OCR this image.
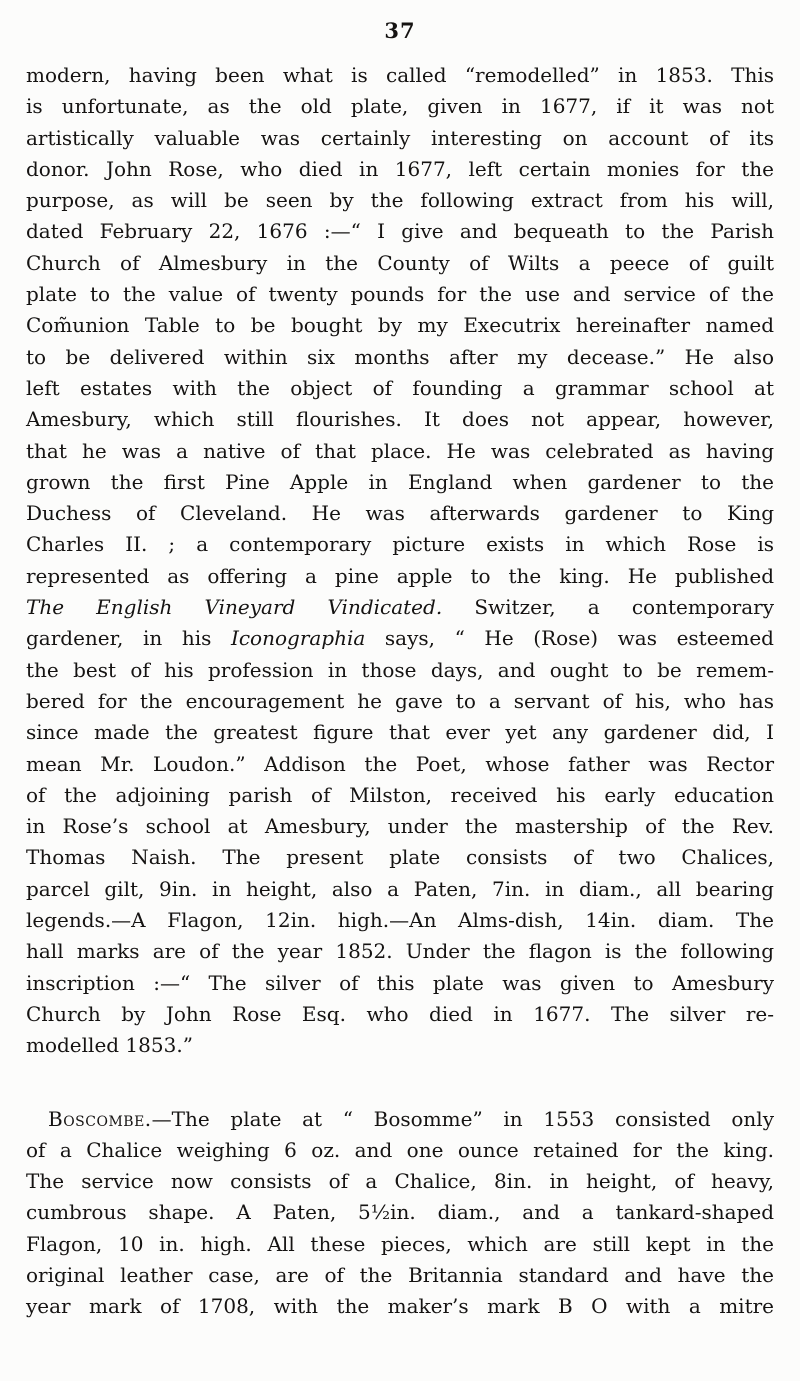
37
modern, having been what is called “remodelled” in 1853. This
is unfortunate, as the old plate, given in 1677, if it was not
artistically valuable was certainly interesting on account of its
donor. John Rose, who died in 1677, left certain monies for the
purpose, as will be seen by the following extract from his will,
dated February 22, 1676 :—“ I give and bequeath to the Parish
Church of Almesbury in the County of Wilts a peece of guilt
plate to the value of twenty pounds for the use and service of the
Com̃union Table to be bought by my Executrix hereinafter named
to be delivered within six months after my decease.” He also
left estates with the object of founding a grammar school at
Amesbury, which still flourishes. It does not appear, however,
that he was a native of that place. He was celebrated as having
grown the first Pine Apple in England when gardener to the
Duchess of Cleveland. He was afterwards gardener to King
Charles II. ; a contemporary picture exists in which Rose is
represented as offering a pine apple to the king. He published
The English Vineyard Vindicated. Switzer, a contemporary
gardener, in his Iconographia says, “ He (Rose) was esteemed
the best of his profession in those days, and ought to be remem-
bered for the encouragement he gave to a servant of his, who has
since made the greatest figure that ever yet any gardener did, I
mean Mr. Loudon.” Addison the Poet, whose father was Rector
of the adjoining parish of Milston, received his early education
in Rose’s school at Amesbury, under the mastership of the Rev.
Thomas Naish. The present plate consists of two Chalices,
parcel gilt, 9in. in height, also a Paten, 7in. in diam., all bearing
legends.—A Flagon, 12in. high.—An Alms-dish, 14in. diam. The
hall marks are of the year 1852. Under the flagon is the following
inscription :—“ The silver of this plate was given to Amesbury
Church by John Rose Esq. who died in 1677. The silver re-
modelled 1853.”
Boscombe.—The plate at “ Bosomme” in 1553 consisted only
of a Chalice weighing 6 oz. and one ounce retained for the king.
The service now consists of a Chalice, 8in. in height, of heavy,
cumbrous shape. A Paten, 5½in. diam., and a tankard-shaped
Flagon, 10 in. high. All these pieces, which are still kept in the
original leather case, are of the Britannia standard and have the
year mark of 1708, with the maker’s mark B O with a mitre
